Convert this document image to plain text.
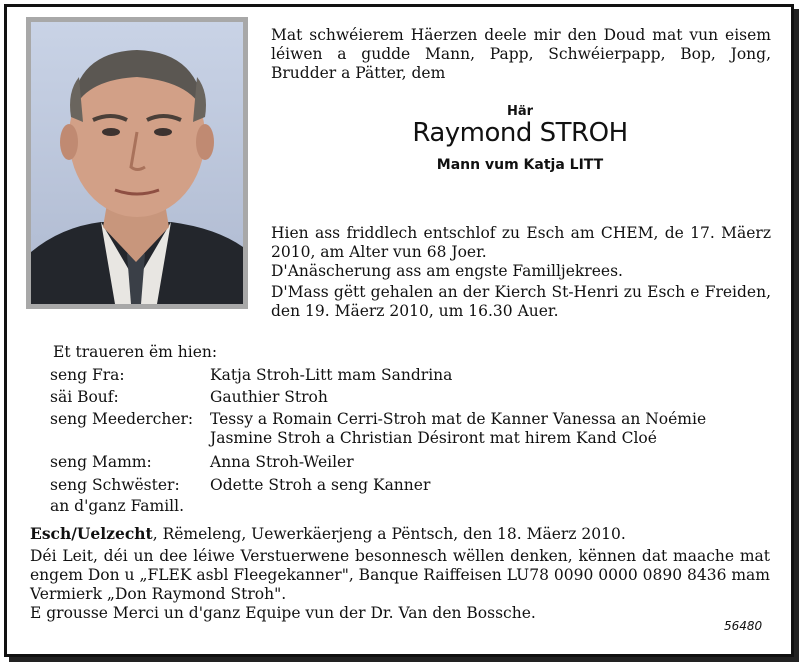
Mat schwéierem Häerzen deele mir den Doud mat vun eisem léiwen a gudde Mann, Papp, Schwéierpapp, Bop, Jong, Brudder a Pätter, dem
Här
Raymond STROH
Mann vum Katja LITT
Hien ass friddlech entschlof zu Esch am CHEM, de 17. Mäerz 2010, am Alter vun 68 Joer.
D'Anäscherung ass am engste Familljekrees.
D'Mass gëtt gehalen an der Kierch St-Henri zu Esch e Freiden, den 19. Mäerz 2010, um 16.30 Auer.
Et traueren ëm hien:
seng Fra:	Katja Stroh-Litt mam Sandrina
säi Bouf:	Gauthier Stroh
seng Meedercher: Tessy a Romain Cerri-Stroh mat de Kanner Vanessa an Noémie
Jasmine Stroh a Christian Désiront mat hirem Kand Cloé
seng Mamm:	Anna Stroh-Weiler
seng Schwëster: Odette Stroh a seng Kanner
an d'ganz Famill.
Esch/Uelzecht, Rëmeleng, Uewerkäerjeng a Pëntsch, den 18. Mäerz 2010.
Déi Leit, déi un dee léiwe Verstuerwene besonnesch wëllen denken, kënnen dat maache mat engem Don u „FLEK asbl Fleegekanner", Banque Raiffeisen LU78 0090 0000 0890 8436 mam Vermierk „Don Raymond Stroh".
E grousse Merci un d'ganz Equipe vun der Dr. Van den Bossche.
56480
